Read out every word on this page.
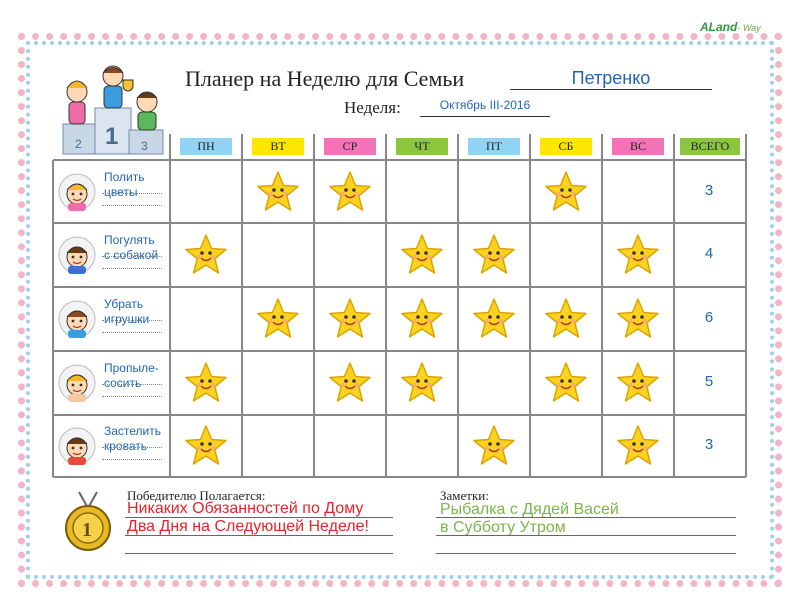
ALand- Way
2 1 3
Планер на Неделю для Семьи	Петренко
Неделя:	Октябрь III-2016
ПН	ВТ	СР	ЧТ	ПТ	СБ	ВС	ВСЕГО
Полить
цветы	3
Погулять
с собакой	4
Убрать
игрушки	6
Пропыле-
сосить	5
Застелить
кровать	3
1
Победителю Полагается:
Никаких Обязанностей по Дому
Два Дня на Следующей Неделе!
Заметки:
Рыбалка с Дядей Васей
в Субботу Утром
